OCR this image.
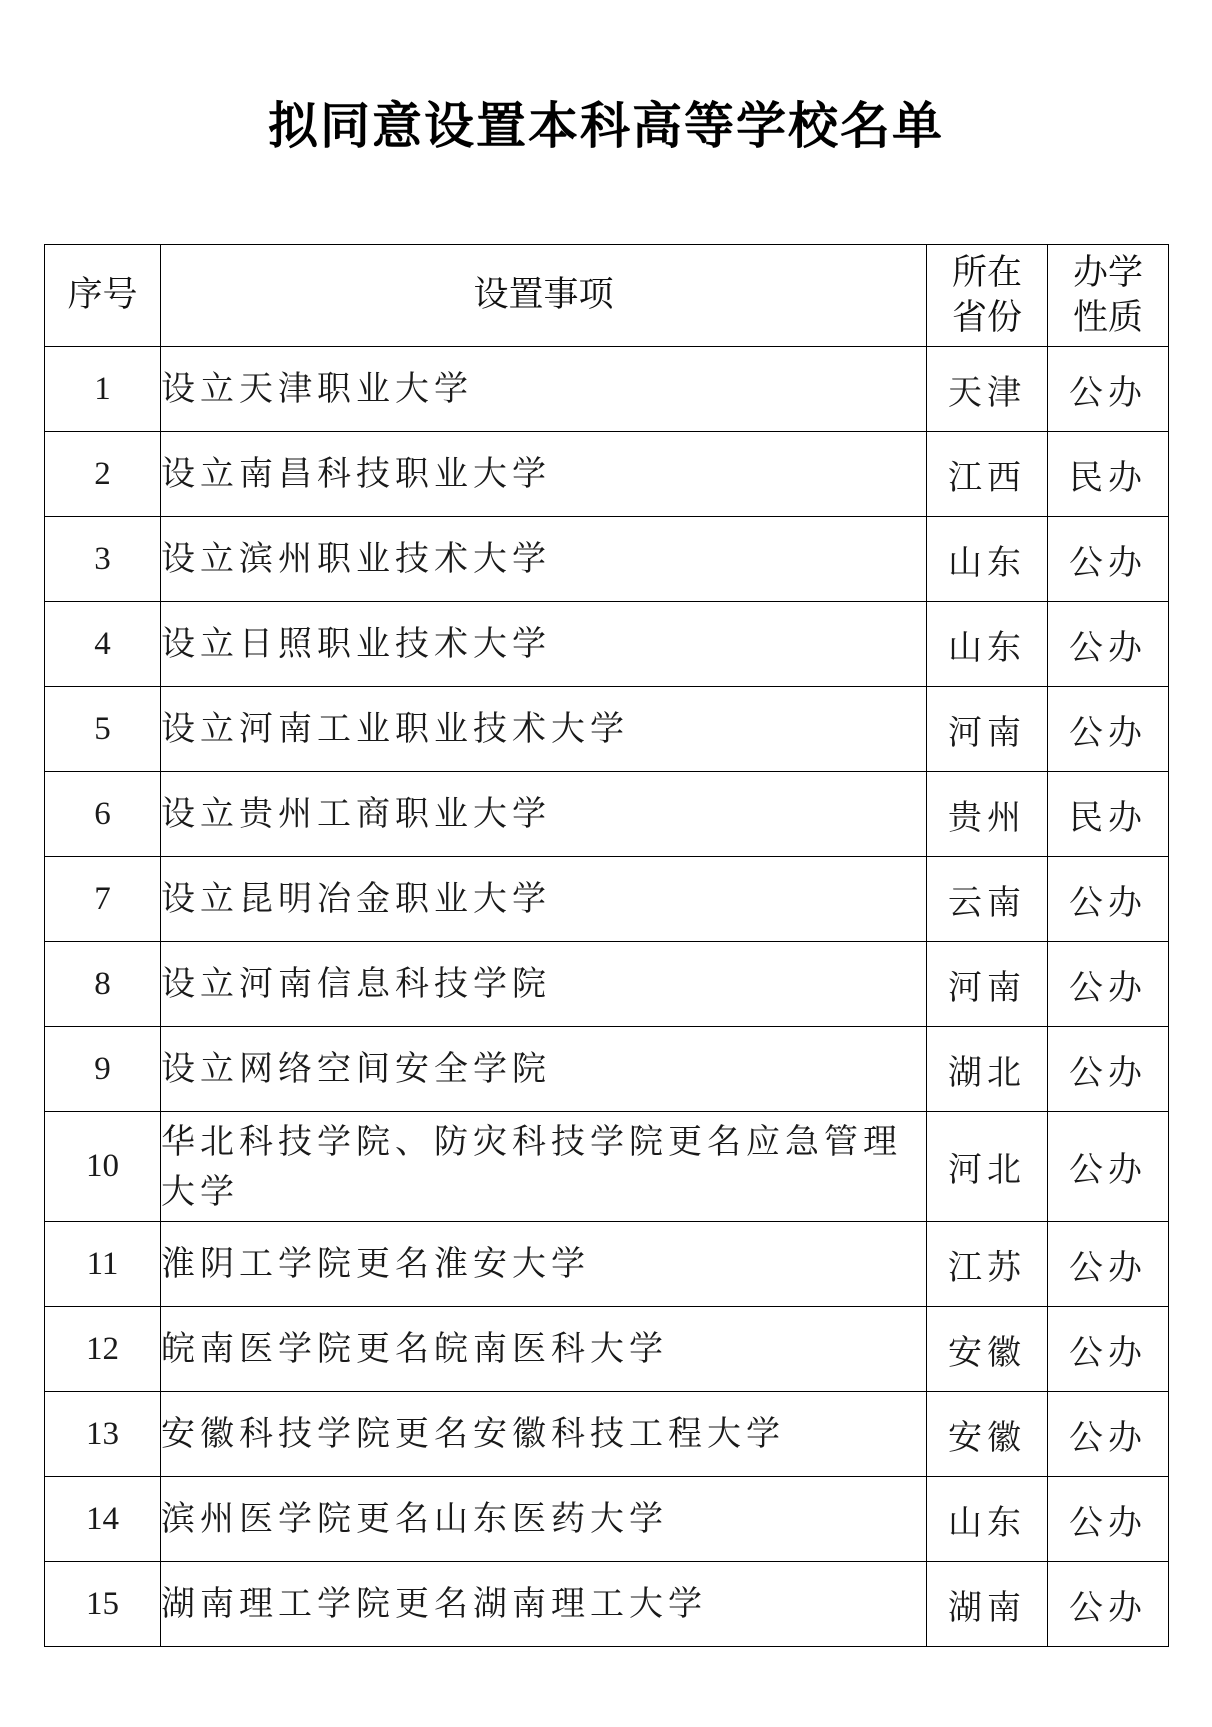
拟同意设置本科高等学校名单
序号	设置事项	所在省份	办学性质
1	设立天津职业大学	天津	公办
2	设立南昌科技职业大学	江西	民办
3	设立滨州职业技术大学	山东	公办
4	设立日照职业技术大学	山东	公办
5	设立河南工业职业技术大学	河南	公办
6	设立贵州工商职业大学	贵州	民办
7	设立昆明冶金职业大学	云南	公办
8	设立河南信息科技学院	河南	公办
9	设立网络空间安全学院	湖北	公办
10	华北科技学院、防灾科技学院更名应急管理大学	河北	公办
11	淮阴工学院更名淮安大学	江苏	公办
12	皖南医学院更名皖南医科大学	安徽	公办
13	安徽科技学院更名安徽科技工程大学	安徽	公办
14	滨州医学院更名山东医药大学	山东	公办
15	湖南理工学院更名湖南理工大学	湖南	公办
